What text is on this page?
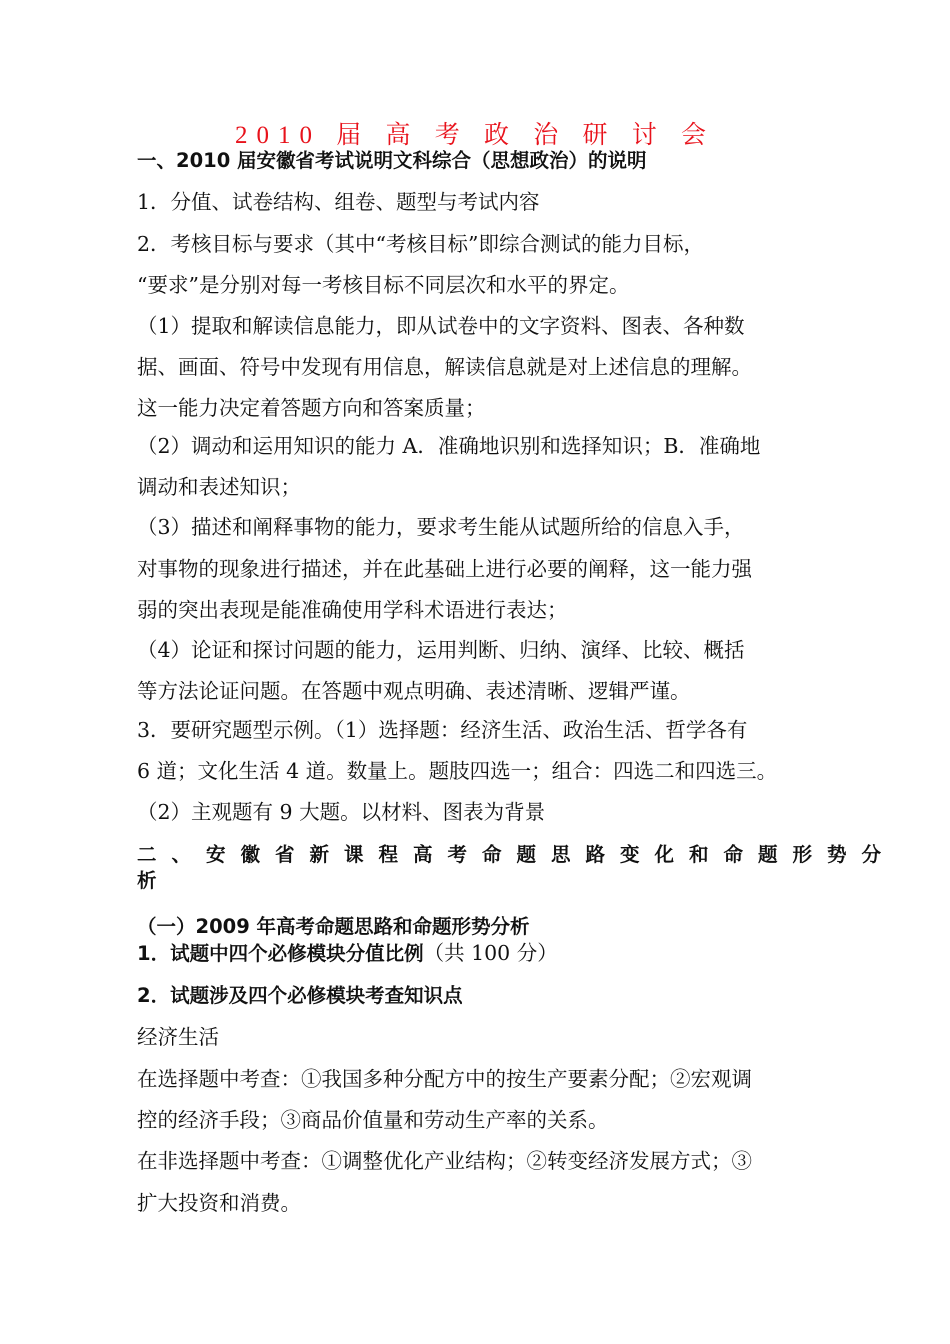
2010 届 高 考 政 治 研 讨 会
一、2010 届安徽省考试说明文科综合（思想政治）的说明
1．分值、试卷结构、组卷、题型与考试内容
2．考核目标与要求（其中“考核目标”即综合测试的能力目标，
“要求”是分别对每一考核目标不同层次和水平的界定。
（1）提取和解读信息能力，即从试卷中的文字资料、图表、各种数
据、画面、符号中发现有用信息，解读信息就是对上述信息的理解。
这一能力决定着答题方向和答案质量；
（2）调动和运用知识的能力 A．准确地识别和选择知识；B．准确地
调动和表述知识；
（3）描述和阐释事物的能力，要求考生能从试题所给的信息入手，
对事物的现象进行描述，并在此基础上进行必要的阐释，这一能力强
弱的突出表现是能准确使用学科术语进行表达；
（4）论证和探讨问题的能力，运用判断、归纳、演绎、比较、概括
等方法论证问题。在答题中观点明确、表述清晰、逻辑严谨。
3．要研究题型示例。（1）选择题：经济生活、政治生活、哲学各有
6 道；文化生活 4 道。数量上。题肢四选一；组合：四选二和四选三。
（2）主观题有 9 大题。以材料、图表为背景
二、安徽省新课程高考命题思路变化和命题形势分
析
（一）2009 年高考命题思路和命题形势分析
1．试题中四个必修模块分值比例（共 100 分）
2．试题涉及四个必修模块考查知识点
经济生活
在选择题中考查：①我国多种分配方中的按生产要素分配；②宏观调
控的经济手段；③商品价值量和劳动生产率的关系。
在非选择题中考查：①调整优化产业结构；②转变经济发展方式；③
扩大投资和消费。
